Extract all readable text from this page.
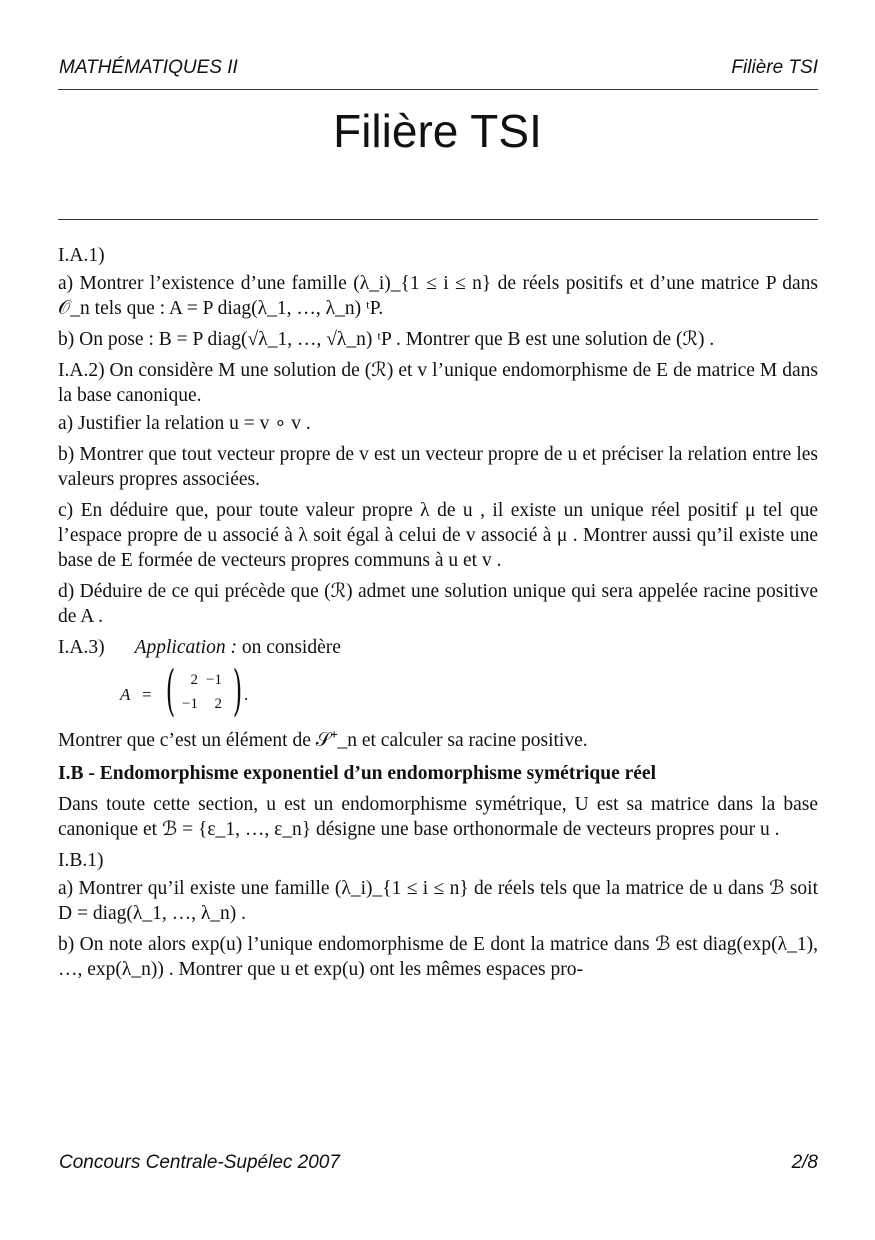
MATHÉMATIQUES II	Filière TSI
Filière TSI

I.A.1)

a) Montrer l’existence d’une famille (λ_i)_{1 ≤ i ≤ n} de réels positifs et d’une matrice P dans 𝒪_n tels que : A = P diag(λ_1, …, λ_n) ᵗP.

b) On pose : B = P diag(√λ_1, …, √λ_n) ᵗP . Montrer que B est une solution de (ℛ) .

I.A.2) On considère M une solution de (ℛ) et v l’unique endomorphisme de E de matrice M dans la base canonique.

a) Justifier la relation u = v ∘ v .

b) Montrer que tout vecteur propre de v est un vecteur propre de u et préciser la relation entre les valeurs propres associées.

c) En déduire que, pour toute valeur propre λ de u , il existe un unique réel positif μ tel que l’espace propre de u associé à λ soit égal à celui de v associé à μ . Montrer aussi qu’il existe une base de E formée de vecteurs propres communs à u et v .

d) Déduire de ce qui précède que (ℛ) admet une solution unique qui sera appelée racine positive de A .

I.A.3) Application : on considère

A = (	2 −1
−1	2 ) .

Montrer que c’est un élément de 𝒮⁺_n et calculer sa racine positive.

I.B - Endomorphisme exponentiel d’un endomorphisme symétrique réel

Dans toute cette section, u est un endomorphisme symétrique, U est sa matrice dans la base canonique et ℬ = {ε_1, …, ε_n} désigne une base orthonormale de vecteurs propres pour u .

I.B.1)

a) Montrer qu’il existe une famille (λ_i)_{1 ≤ i ≤ n} de réels tels que la matrice de u dans ℬ soit D = diag(λ_1, …, λ_n) .

b) On note alors exp(u) l’unique endomorphisme de E dont la matrice dans ℬ est diag(exp(λ_1), …, exp(λ_n)) . Montrer que u et exp(u) ont les mêmes espaces pro-

Concours Centrale-Supélec 2007	2/8
